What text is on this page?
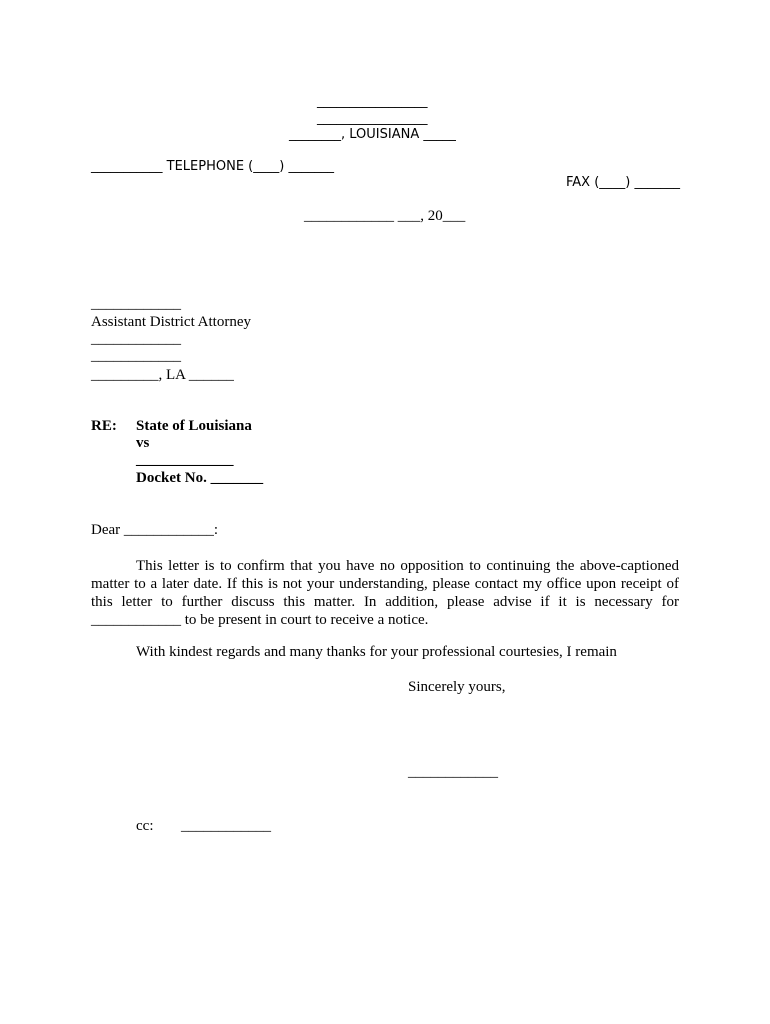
_________________
_________________
________, LOUISIANA _____
___________ TELEPHONE (____) _______
FAX (____) _______
____________ ___, 20___
____________
Assistant District Attorney
____________
____________
_________, LA ______
RE: State of Louisiana
vs
_____________
Docket No. _______
Dear ____________:
This letter is to confirm that you have no opposition to continuing the above-captioned
matter to a later date. If this is not your understanding, please contact my office upon receipt of
this letter to further discuss this matter. In addition, please advise if it is necessary for
____________ to be present in court to receive a notice.
With kindest regards and many thanks for your professional courtesies, I remain
Sincerely yours,
____________
cc: ____________
